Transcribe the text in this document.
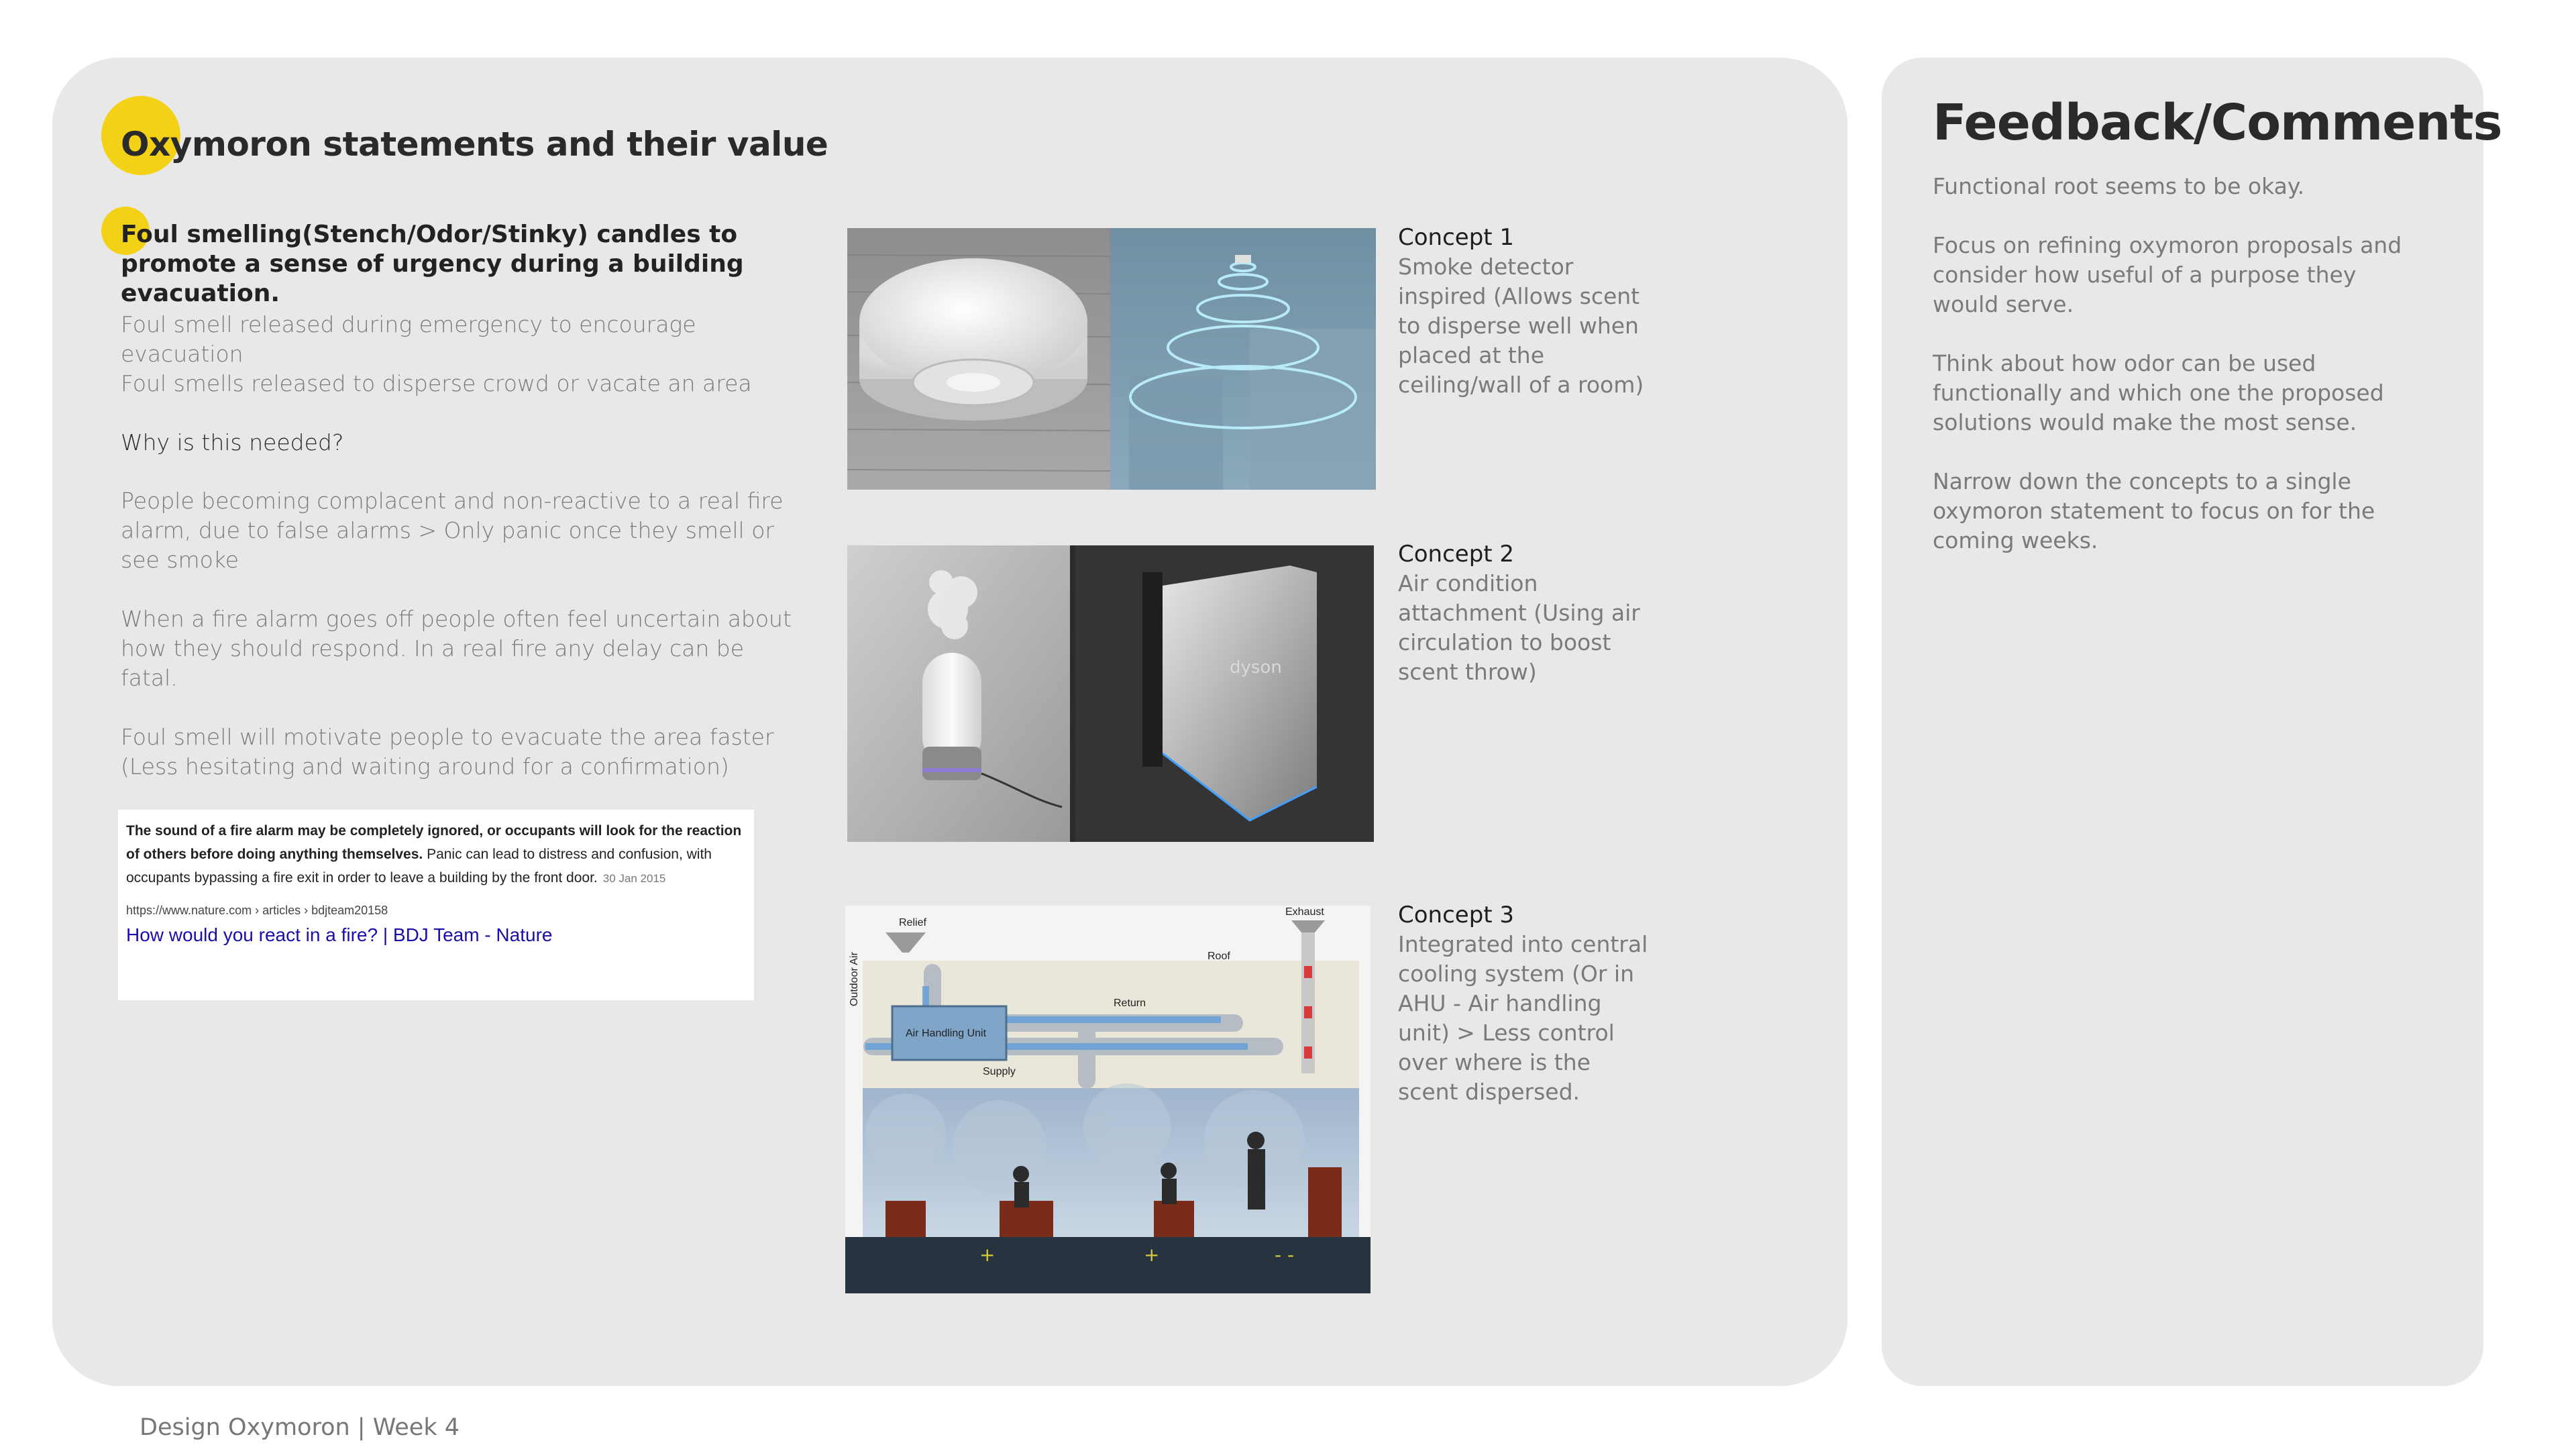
Oxymoron statements and their value
Foul smelling(Stench/Odor/Stinky) candles to promote a sense of urgency during a building evacuation.
Foul smell released during emergency to encourage evacuation
Foul smells released to disperse crowd or vacate an area
Why is this needed?

People becoming complacent and non-reactive to a real fire alarm, due to false alarms > Only panic once they smell or see smoke

When a fire alarm goes off people often feel uncertain about how they should respond. In a real fire any delay can be fatal.

Foul smell will motivate people to evacuate the area faster (Less hesitating and waiting around for a confirmation)

The sound of a fire alarm may be completely ignored, or occupants will look for the reaction of others before doing anything themselves. Panic can lead to distress and confusion, with occupants bypassing a fire exit in order to leave a building by the front door. 30 Jan 2015
https://www.nature.com › articles › bdjteam20158
How would you react in a fire? | BDJ Team - Nature
Concept 1
Smoke detector inspired (Allows scent to disperse well when placed at the ceiling/wall of a room)
dyson
Concept 2
Air condition attachment (Using air circulation to boost scent throw)
+	+	- -
Relief
Exhaust
Roof
Return
Air Handling Unit
Supply
Outdoor Air
Concept 3
Integrated into central cooling system (Or in AHU - Air handling unit) > Less control over where is the scent dispersed.
Feedback/Comments

Functional root seems to be okay.

Focus on refining oxymoron proposals and consider how useful of a purpose they would serve.

Think about how odor can be used functionally and which one the proposed solutions would make the most sense.

Narrow down the concepts to a single oxymoron statement to focus on for the coming weeks.

Design Oxymoron | Week 4
